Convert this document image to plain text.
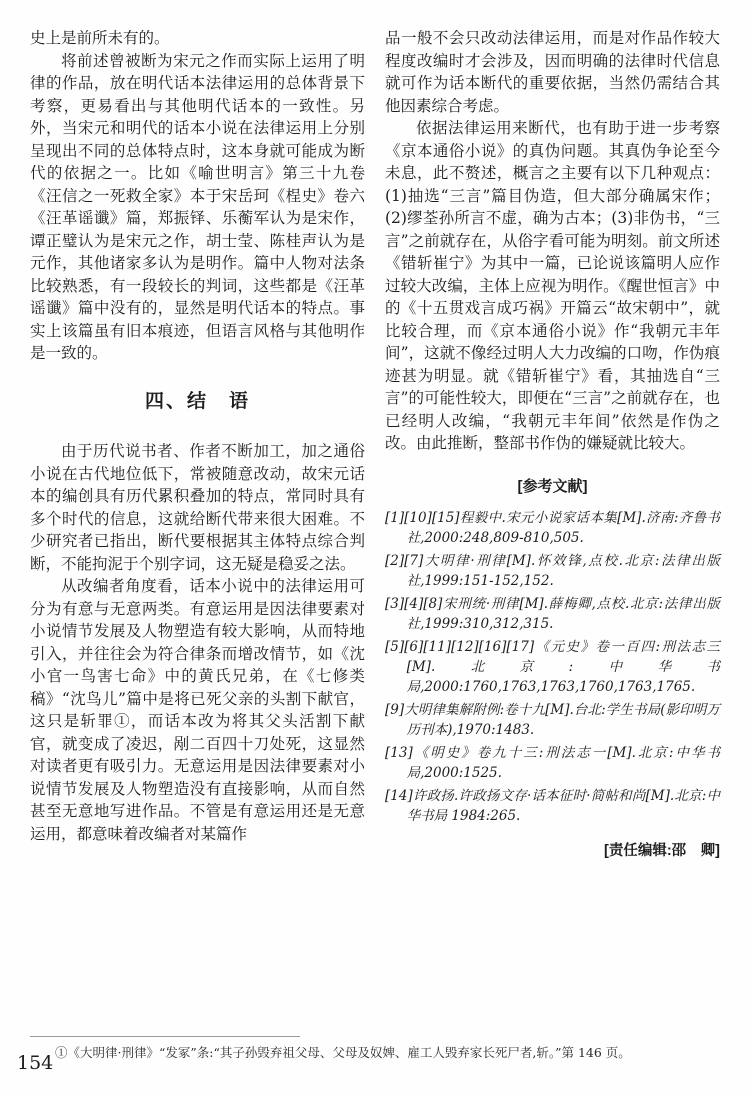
史上是前所未有的。

将前述曾被断为宋元之作而实际上运用了明律的作品，放在明代话本法律运用的总体背景下考察，更易看出与其他明代话本的一致性。另外，当宋元和明代的话本小说在法律运用上分别呈现出不同的总体特点时，这本身就可能成为断代的依据之一。比如《喻世明言》第三十九卷《汪信之一死救全家》本于宋岳珂《桯史》卷六《汪革谣谶》篇，郑振铎、乐蘅军认为是宋作，谭正璧认为是宋元之作，胡士莹、陈桂声认为是元作，其他诸家多认为是明作。篇中人物对法条比较熟悉，有一段较长的判词，这些都是《汪革谣谶》篇中没有的，显然是明代话本的特点。事实上该篇虽有旧本痕迹，但语言风格与其他明作是一致的。

四、结　语

由于历代说书者、作者不断加工，加之通俗小说在古代地位低下，常被随意改动，故宋元话本的编创具有历代累积叠加的特点，常同时具有多个时代的信息，这就给断代带来很大困难。不少研究者已指出，断代要根据其主体特点综合判断，不能拘泥于个别字词，这无疑是稳妥之法。

从改编者角度看，话本小说中的法律运用可分为有意与无意两类。有意运用是因法律要素对小说情节发展及人物塑造有较大影响，从而特地引入，并往往会为符合律条而增改情节，如《沈小官一鸟害七命》中的黄氏兄弟，在《七修类稿》“沈鸟儿”篇中是将已死父亲的头割下献官，这只是斩罪①，而话本改为将其父头活割下献官，就变成了凌迟，剐二百四十刀处死，这显然对读者更有吸引力。无意运用是因法律要素对小说情节发展及人物塑造没有直接影响，从而自然甚至无意地写进作品。不管是有意运用还是无意运用，都意味着改编者对某篇作

品一般不会只改动法律运用，而是对作品作较大程度改编时才会涉及，因而明确的法律时代信息就可作为话本断代的重要依据，当然仍需结合其他因素综合考虑。

依据法律运用来断代，也有助于进一步考察《京本通俗小说》的真伪问题。其真伪争论至今未息，此不赘述，概言之主要有以下几种观点：(1)抽选“三言”篇目伪造，但大部分确属宋作；(2)缪荃孙所言不虚，确为古本；(3)非伪书，“三言”之前就存在，从俗字看可能为明刻。前文所述《错斩崔宁》为其中一篇，已论说该篇明人应作过较大改编，主体上应视为明作。《醒世恒言》中的《十五贯戏言成巧祸》开篇云“故宋朝中”，就比较合理，而《京本通俗小说》作“我朝元丰年间”，这就不像经过明人大力改编的口吻，作伪痕迹甚为明显。就《错斩崔宁》看，其抽选自“三言”的可能性较大，即便在“三言”之前就存在，也已经明人改编，“我朝元丰年间”依然是作伪之改。由此推断，整部书作伪的嫌疑就比较大。

[参考文献]

[1][10][15]程毅中.宋元小说家话本集[M].济南:齐鲁书社,2000:248,809-810,505.

[2][7]大明律·刑律[M].怀效锋,点校.北京:法律出版社,1999:151-152,152.

[3][4][8]宋刑统·刑律[M].薛梅卿,点校.北京:法律出版社,1999:310,312,315.

[5][6][11][12][16][17]《元史》卷一百四:刑法志三[M].北京:中华书局,2000:1760,1763,1763,1760,1763,1765.

[9]大明律集解附例:卷十九[M].台北:学生书局(影印明万历刊本),1970:1483.

[13]《明史》卷九十三:刑法志一[M].北京:中华书局,2000:1525.

[14]许政扬.许政扬文存·话本征时·简帖和尚[M].北京:中华书局 1984:265.

[责任编辑:邵　卿]

①《大明律·刑律》“发冢”条:“其子孙毁弃祖父母、父母及奴婢、雇工人毁弃家长死尸者,斩。”第 146 页。

154
